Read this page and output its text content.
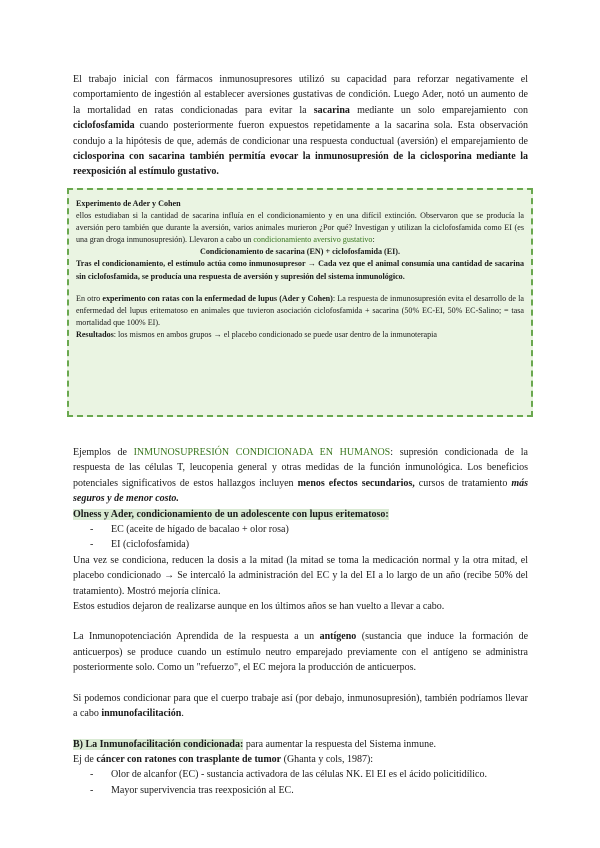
El trabajo inicial con fármacos inmunosupresores utilizó su capacidad para reforzar negativamente el comportamiento de ingestión al establecer aversiones gustativas de condición. Luego Ader, notó un aumento de la mortalidad en ratas condicionadas para evitar la sacarina mediante un solo emparejamiento con ciclofosfamida cuando posteriormente fueron expuestos repetidamente a la sacarina sola. Esta observación condujo a la hipótesis de que, además de condicionar una respuesta conductual (aversión) el emparejamiento de ciclosporina con sacarina también permitía evocar la inmunosupresión de la ciclosporina mediante la reexposición al estímulo gustativo.

Experimento de Ader y Cohen

ellos estudiaban si la cantidad de sacarina influía en el condicionamiento y en una difícil extinción. Observaron que se producía la aversión pero también que durante la aversión, varios animales murieron ¿Por qué? Investigan y utilizan la ciclofosfamida como EI (es una gran droga inmunosupresión). Llevaron a cabo un condicionamiento aversivo gustativo:

Condicionamiento de sacarina (EN) + ciclofosfamida (EI).

Tras el condicionamiento, el estímulo actúa como inmunosupresor → Cada vez que el animal consumía una cantidad de sacarina sin ciclofosfamida, se producía una respuesta de aversión y supresión del sistema inmunológico.

En otro experimento con ratas con la enfermedad de lupus (Ader y Cohen): La respuesta de inmunosupresión evita el desarrollo de la enfermedad del lupus eritematoso en animales que tuvieron asociación ciclofosfamida + sacarina (50% EC-EI, 50% EC-Salino; = tasa mortalidad que 100% EI).

Resultados: los mismos en ambos grupos → el placebo condicionado se puede usar dentro de la inmunoterapia

Ejemplos de INMUNOSUPRESIÓN CONDICIONADA EN HUMANOS: supresión condicionada de la respuesta de las células T, leucopenia general y otras medidas de la función inmunológica. Los beneficios potenciales significativos de estos hallazgos incluyen menos efectos secundarios, cursos de tratamiento más seguros y de menor costo.

Olness y Ader, condicionamiento de un adolescente con lupus eritematoso:

- EC (aceite de hígado de bacalao + olor rosa)
- EI (ciclofosfamida)

Una vez se condiciona, reducen la dosis a la mitad (la mitad se toma la medicación normal y la otra mitad, el placebo condicionado → Se intercaló la administración del EC y la del EI a lo largo de un año (recibe 50% del tratamiento). Mostró mejoría clínica.

Estos estudios dejaron de realizarse aunque en los últimos años se han vuelto a llevar a cabo.

La Inmunopotenciación Aprendida de la respuesta a un antígeno (sustancia que induce la formación de anticuerpos) se produce cuando un estímulo neutro emparejado previamente con el antígeno se administra posteriormente solo. Como un "refuerzo", el EC mejora la producción de anticuerpos.

Si podemos condicionar para que el cuerpo trabaje así (por debajo, inmunosupresión), también podríamos llevar a cabo inmunofacilitación.

B) La Inmunofacilitación condicionada: para aumentar la respuesta del Sistema inmune.

Ej de cáncer con ratones con trasplante de tumor (Ghanta y cols, 1987):

- Olor de alcanfor (EC) - sustancia activadora de las células NK. El EI es el ácido policitidílico.
- Mayor supervivencia tras reexposición al EC.
